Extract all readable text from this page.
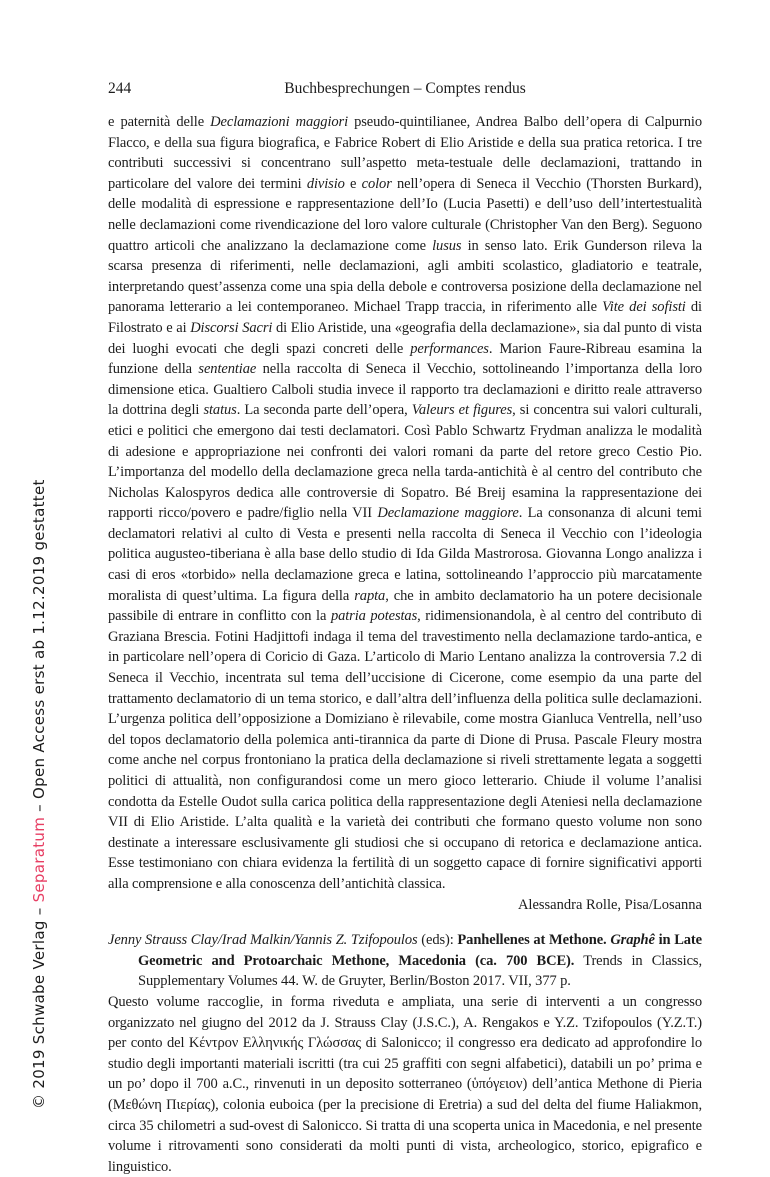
© 2019 Schwabe Verlag – Separatum – Open Access erst ab 1.12.2019 gestattet
244	Buchbesprechungen – Comptes rendus

e paternità delle Declamazioni maggiori pseudo-quintilianee, Andrea Balbo dell’opera di Calpurnio Flacco, e della sua figura biografica, e Fabrice Robert di Elio Aristide e della sua pratica retorica. I tre contributi successivi si concentrano sull’aspetto meta-testuale delle declamazioni, trattando in particolare del valore dei termini divisio e color nell’opera di Seneca il Vecchio (Thorsten Burkard), delle modalità di espressione e rappresentazione dell’Io (Lucia Pasetti) e dell’uso dell’intertestualità nelle declamazioni come rivendicazione del loro valore culturale (Christopher Van den Berg). Seguono quattro articoli che analizzano la declamazione come lusus in senso lato. Erik Gunderson rileva la scarsa presenza di riferimenti, nelle declamazioni, agli ambiti scolastico, gladiatorio e teatrale, interpretando quest’assenza come una spia della debole e controversa posizione della declamazione nel panorama letterario a lei contemporaneo. Michael Trapp traccia, in riferimento alle Vite dei sofisti di Filostrato e ai Discorsi Sacri di Elio Aristide, una «geografia della declamazione», sia dal punto di vista dei luoghi evocati che degli spazi concreti delle performances. Marion Faure-Ribreau esamina la funzione della sententiae nella raccolta di Seneca il Vecchio, sottolineando l’importanza della loro dimensione etica. Gualtiero Calboli studia invece il rapporto tra declamazioni e diritto reale attraverso la dottrina degli status. La seconda parte dell’opera, Valeurs et figures, si concentra sui valori culturali, etici e politici che emergono dai testi declamatori. Così Pablo Schwartz Frydman analizza le modalità di adesione e appropriazione nei confronti dei valori romani da parte del retore greco Cestio Pio. L’importanza del modello della declamazione greca nella tarda-antichità è al centro del contributo che Nicholas Kalospyros dedica alle controversie di Sopatro. Bé Breij esamina la rappresentazione dei rapporti ricco/povero e padre/figlio nella VII Declamazione maggiore. La consonanza di alcuni temi declamatori relativi al culto di Vesta e presenti nella raccolta di Seneca il Vecchio con l’ideologia politica augusteo-tiberiana è alla base dello studio di Ida Gilda Mastrorosa. Giovanna Longo analizza i casi di eros «torbido» nella declamazione greca e latina, sottolineando l’approccio più marcatamente moralista di quest’ultima. La figura della rapta, che in ambito declamatorio ha un potere decisionale passibile di entrare in conflitto con la patria potestas, ridimensionandola, è al centro del contributo di Graziana Brescia. Fotini Hadjittofi indaga il tema del travestimento nella declamazione tardo-antica, e in particolare nell’opera di Coricio di Gaza. L’articolo di Mario Lentano analizza la controversia 7.2 di Seneca il Vecchio, incentrata sul tema dell’uccisione di Cicerone, come esempio da una parte del trattamento declamatorio di un tema storico, e dall’altra dell’influenza della politica sulle declamazioni. L’urgenza politica dell’opposizione a Domiziano è rilevabile, come mostra Gianluca Ventrella, nell’uso del topos declamatorio della polemica anti-tirannica da parte di Dione di Prusa. Pascale Fleury mostra come anche nel corpus frontoniano la pratica della declamazione si riveli strettamente legata a soggetti politici di attualità, non configurandosi come un mero gioco letterario. Chiude il volume l’analisi condotta da Estelle Oudot sulla carica politica della rappresentazione degli Ateniesi nella declamazione VII di Elio Aristide. L’alta qualità e la varietà dei contributi che formano questo volume non sono destinate a interessare esclusivamente gli studiosi che si occupano di retorica e declamazione antica. Esse testimoniano con chiara evidenza la fertilità di un soggetto capace di fornire significativi apporti alla comprensione e alla conoscenza dell’antichità classica.

Alessandra Rolle, Pisa/Losanna

Jenny Strauss Clay/Irad Malkin/Yannis Z. Tzifopoulos (eds): Panhellenes at Methone. Graphê in Late Geometric and Protoarchaic Methone, Macedonia (ca. 700 BCE). Trends in Classics, Supplementary Volumes 44. W. de Gruyter, Berlin/Boston 2017. VII, 377 p.

Questo volume raccoglie, in forma riveduta e ampliata, una serie di interventi a un congresso organizzato nel giugno del 2012 da J. Strauss Clay (J.S.C.), A. Rengakos e Y.Z. Tzifopoulos (Y.Z.T.) per conto del Κέντρον Ελληνικής Γλώσσας di Salonicco; il congresso era dedicato ad approfondire lo studio degli importanti materiali iscritti (tra cui 25 graffiti con segni alfabetici), databili un po’ prima e un po’ dopo il 700 a.C., rinvenuti in un deposito sotterraneo (ὑπόγειον) dell’antica Methone di Pieria (Μεθώνη Πιερίας), colonia euboica (per la precisione di Eretria) a sud del delta del fiume Haliakmon, circa 35 chilometri a sud-ovest di Salonicco. Si tratta di una scoperta unica in Macedonia, e nel presente volume i ritrovamenti sono considerati da molti punti di vista, archeologico, storico, epigrafico e linguistico.
